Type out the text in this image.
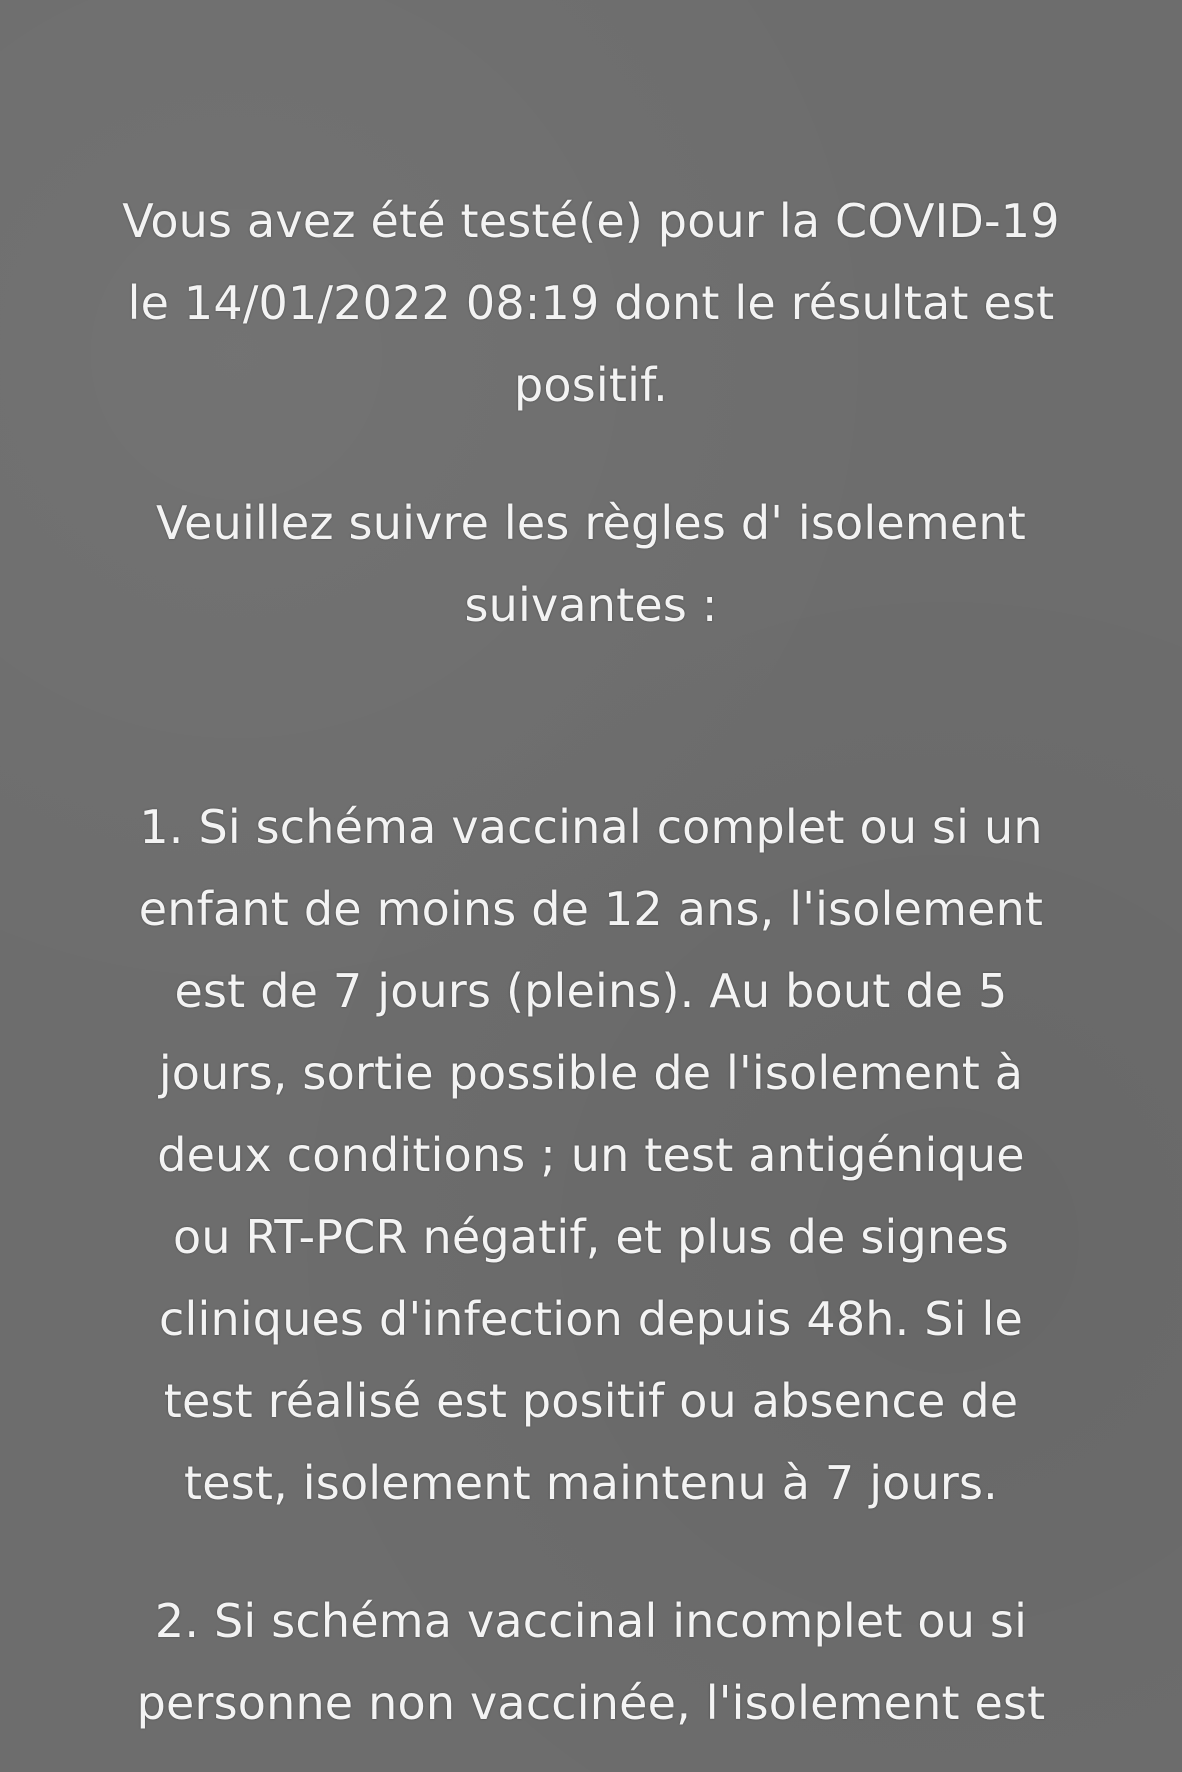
Vous avez été testé(e) pour la COVID-19
le 14/01/2022 08:19 dont le résultat est
positif.
Veuillez suivre les règles d' isolement
suivantes :
1. Si schéma vaccinal complet ou si un
enfant de moins de 12 ans, l'isolement
est de 7 jours (pleins). Au bout de 5
jours, sortie possible de l'isolement à
deux conditions ; un test antigénique
ou RT-PCR négatif, et plus de signes
cliniques d'infection depuis 48h. Si le
test réalisé est positif ou absence de
test, isolement maintenu à 7 jours.
2. Si schéma vaccinal incomplet ou si
personne non vaccinée, l'isolement est
